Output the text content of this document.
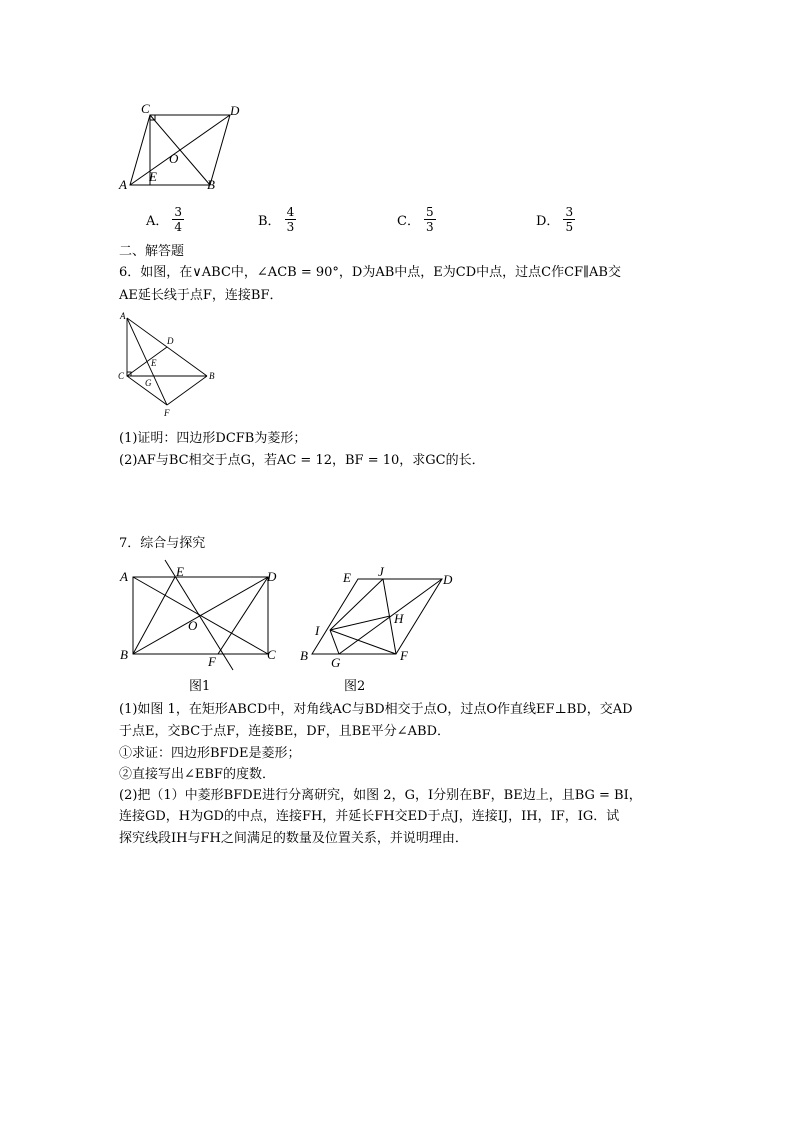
C	D
O
A
E
B
A． $\frac{3}{4}$	B． $\frac{4}{3}$	C． $\frac{5}{3}$	D． $\frac{3}{5}$
二、解答题
6．如图，在∨ABC中，∠ACB = 90°，D为AB中点，E为CD中点，过点C作CF∥AB交
AE延长线于点F，连接BF．
A
D
E
C
G
B
F
(1)证明：四边形DCFB为菱形；
(2)AF与BC相交于点G，若AC = 12，BF = 10，求GC的长．
7．综合与探究
A	E	D
O
B	F	C
图1
E J
D
H
I
B G	F
图2
(1)如图 1，在矩形ABCD中，对角线AC与BD相交于点O，过点O作直线EF⊥BD，交AD
于点E，交BC于点F，连接BE，DF，且BE平分∠ABD．
①求证：四边形BFDE是菱形；
②直接写出∠EBF的度数．
(2)把（1）中菱形BFDE进行分离研究，如图 2，G，I分别在BF，BE边上，且BG = BI，
连接GD，H为GD的中点，连接FH，并延长FH交ED于点J，连接IJ，IH，IF，IG．试
探究线段IH与FH之间满足的数量及位置关系，并说明理由．
